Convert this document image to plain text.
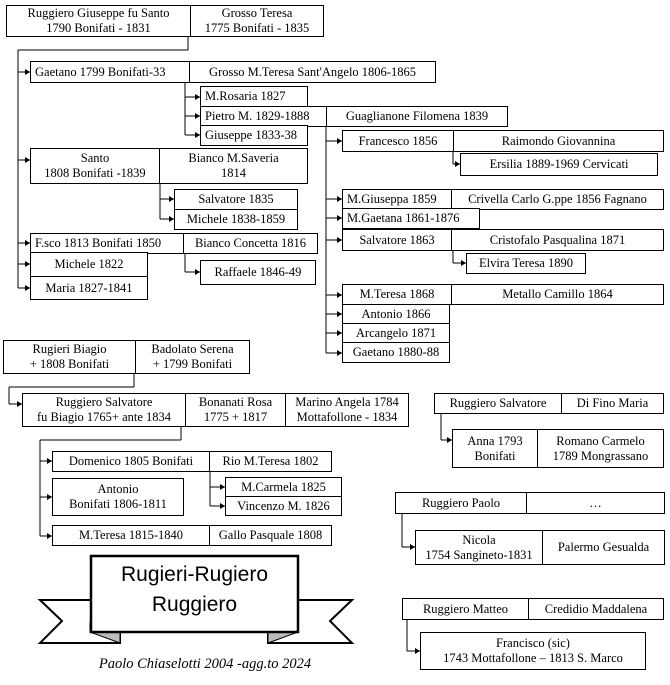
Rugieri-Rugiero
Ruggiero
Paolo Chiaselotti 2004 -agg.to 2024
Ruggiero Giuseppe fu Santo
1790 Bonifati - 1831
Grosso Teresa
1775 Bonifati - 1835
Gaetano 1799 Bonifati-33	Grosso M.Teresa Sant'Angelo 1806-1865
M.Rosaria 1827
Pietro M. 1829-1888	Guaglianone Filomena 1839
Giuseppe 1833-38	Francesco 1856	Raimondo Giovannina
Ersilia 1889-1969 Cervicati
Santo
1808 Bonifati -1839
Bianco M.Saveria
1814
Salvatore 1835
Michele 1838-1859
M.Giuseppa 1859	Crivella Carlo G.ppe 1856 Fagnano
M.Gaetana 1861-1876
Salvatore 1863	Cristofalo Pasqualina 1871
Elvira Teresa 1890
F.sco 1813 Bonifati 1850	Bianco Concetta 1816
Michele 1822
Raffaele 1846-49
Maria 1827-1841	M.Teresa 1868	Metallo Camillo 1864
Antonio 1866
Arcangelo 1871
Gaetano 1880-88
Rugieri Biagio
+ 1808 Bonifati
Badolato Serena
+ 1799 Bonifati
Ruggiero Salvatore
fu Biagio 1765+ ante 1834
Bonanati Rosa
1775 + 1817
Marino Angela 1784
Mottafollone - 1834
Domenico 1805 Bonifati	Rio M.Teresa 1802
Antonio
Bonifati 1806-1811
M.Carmela 1825
Vincenzo M. 1826
M.Teresa 1815-1840	Gallo Pasquale 1808
Ruggiero Salvatore	Di Fino Maria
Anna 1793
Bonifati
Romano Carmelo
1789 Mongrassano
Ruggiero Paolo	…
Nicola
1754 Sangineto-1831
Palermo Gesualda
Ruggiero Matteo	Credidio Maddalena
Francisco (sic)
1743 Mottafollone – 1813 S. Marco
